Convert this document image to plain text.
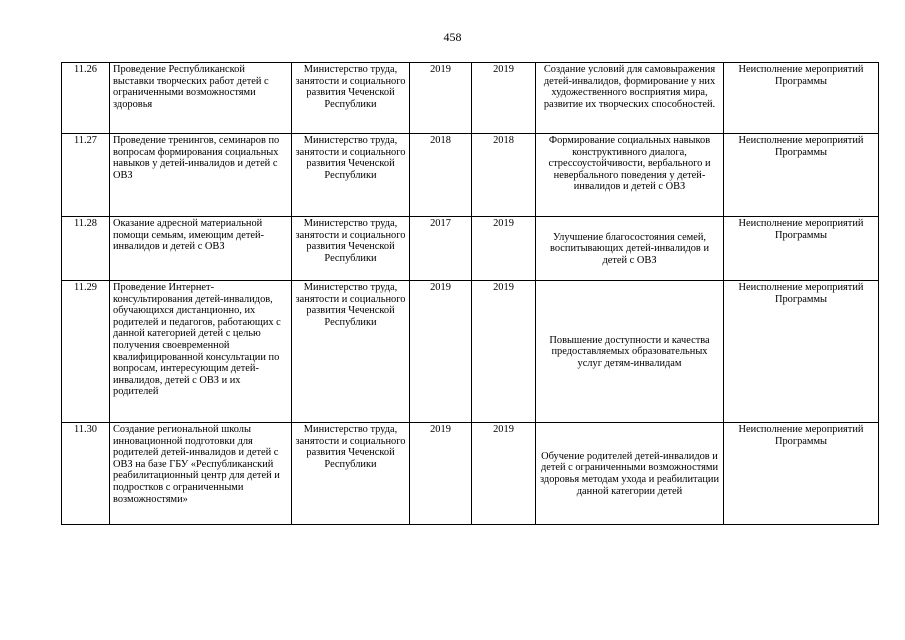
458
11.26	Проведение Республиканской выставки творческих работ детей с ограниченными возможностями здоровья	Министерство труда, занятости и социального развития Чеченской Республики	2019	2019	Создание условий для самовыражения детей-инвалидов, формирование у них художественного восприятия мира, развитие их творческих способностей.	Неисполнение мероприятий Программы
11.27	Проведение тренингов, семинаров по вопросам формирования социальных навыков у детей-инвалидов и детей с ОВЗ	Министерство труда, занятости и социального развития Чеченской Республики	2018	2018	Формирование социальных навыков конструктивного диалога, стрессоустойчивости, вербального и невербального поведения у детей-инвалидов и детей с ОВЗ	Неисполнение мероприятий Программы
11.28	Оказание адресной материальной помощи семьям, имеющим детей-инвалидов и детей с ОВЗ	Министерство труда, занятости и социального развития Чеченской Республики	2017	2019	Улучшение благосостояния семей, воспитывающих детей-инвалидов и детей с ОВЗ	Неисполнение мероприятий Программы
11.29	Проведение Интернет-консультирования детей-инвалидов, обучающихся дистанционно, их родителей и педагогов, работающих с данной категорией детей с целью получения своевременной квалифицированной консультации по вопросам, интересующим детей-инвалидов, детей с ОВЗ и их родителей	Министерство труда, занятости и социального развития Чеченской Республики	2019	2019	Повышение доступности и качества предоставляемых образовательных услуг детям-инвалидам	Неисполнение мероприятий Программы
11.30	Создание региональной школы инновационной подготовки для родителей детей-инвалидов и детей с ОВЗ на базе ГБУ «Республиканский реабилитационный центр для детей и подростков с ограниченными возможностями»	Министерство труда, занятости и социального развития Чеченской Республики	2019	2019	Обучение родителей детей-инвалидов и детей с ограниченными возможностями здоровья методам ухода и реабилитации данной категории детей	Неисполнение мероприятий Программы
